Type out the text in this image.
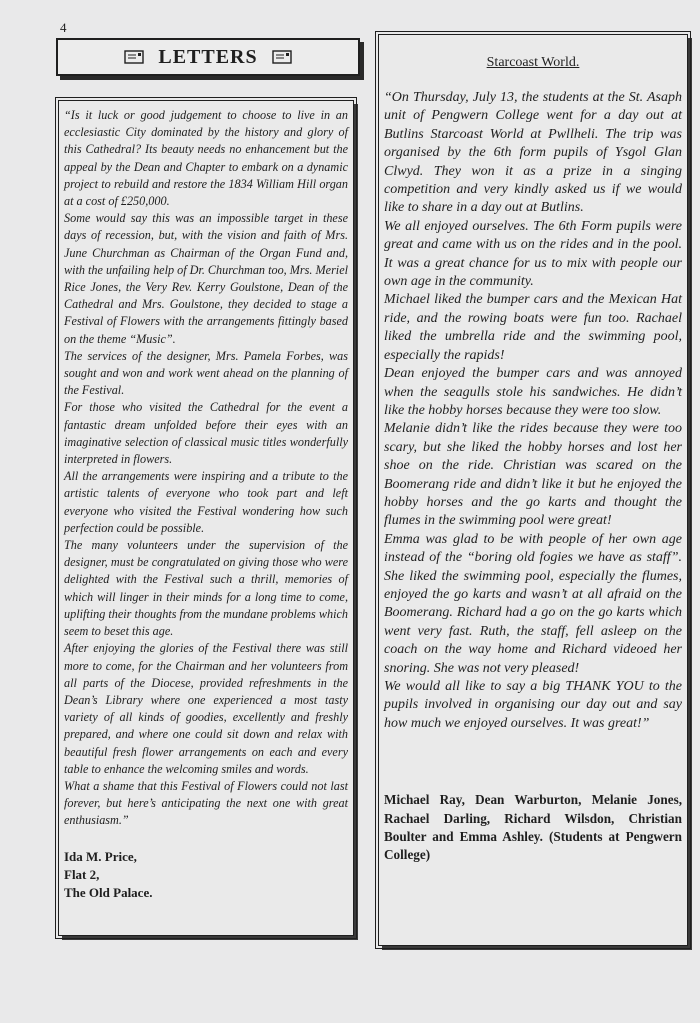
4
LETTERS

“Is it luck or good judgement to choose to live in an ecclesiastic City dominated by the history and glory of this Cathedral? Its beauty needs no enhancement but the appeal by the Dean and Chapter to embark on a dynamic project to rebuild and restore the 1834 William Hill organ at a cost of £250,000.

Some would say this was an impossible target in these days of recession, but, with the vision and faith of Mrs. June Churchman as Chairman of the Organ Fund and, with the unfailing help of Dr. Churchman too, Mrs. Meriel Rice Jones, the Very Rev. Kerry Goulstone, Dean of the Cathedral and Mrs. Goulstone, they decided to stage a Festival of Flowers with the arrangements fittingly based on the theme “Music”.

The services of the designer, Mrs. Pamela Forbes, was sought and won and work went ahead on the planning of the Festival.

For those who visited the Cathedral for the event a fantastic dream unfolded before their eyes with an imaginative selection of classical music titles wonderfully interpreted in flowers.

All the arrangements were inspiring and a tribute to the artistic talents of everyone who took part and left everyone who visited the Festival wondering how such perfection could be possible.

The many volunteers under the supervision of the designer, must be congratulated on giving those who were delighted with the Festival such a thrill, memories of which will linger in their minds for a long time to come, uplifting their thoughts from the mundane problems which seem to beset this age.

After enjoying the glories of the Festival there was still more to come, for the Chairman and her volunteers from all parts of the Diocese, provided refreshments in the Dean’s Library where one experienced a most tasty variety of all kinds of goodies, excellently and freshly prepared, and where one could sit down and relax with beautiful fresh flower arrangements on each and every table to enhance the welcoming smiles and words.

What a shame that this Festival of Flowers could not last forever, but here’s anticipating the next one with great enthusiasm.”

Ida M. Price,
Flat 2,
The Old Palace.
Starcoast World.

“On Thursday, July 13, the students at the St. Asaph unit of Pengwern College went for a day out at Butlins Starcoast World at Pwllheli. The trip was organised by the 6th form pupils of Ysgol Glan Clwyd. They won it as a prize in a singing competition and very kindly asked us if we would like to share in a day out at Butlins.

We all enjoyed ourselves. The 6th Form pupils were great and came with us on the rides and in the pool. It was a great chance for us to mix with people our own age in the community.

Michael liked the bumper cars and the Mexican Hat ride, and the rowing boats were fun too. Rachael liked the umbrella ride and the swimming pool, especially the rapids!

Dean enjoyed the bumper cars and was annoyed when the seagulls stole his sandwiches. He didn’t like the hobby horses because they were too slow.

Melanie didn’t like the rides because they were too scary, but she liked the hobby horses and lost her shoe on the ride. Christian was scared on the Boomerang ride and didn’t like it but he enjoyed the hobby horses and the go karts and thought the flumes in the swimming pool were great!

Emma was glad to be with people of her own age instead of the “boring old fogies we have as staff”. She liked the swimming pool, especially the flumes, enjoyed the go karts and wasn’t at all afraid on the Boomerang. Richard had a go on the go karts which went very fast. Ruth, the staff, fell asleep on the coach on the way home and Richard videoed her snoring. She was not very pleased!

We would all like to say a big THANK YOU to the pupils involved in organising our day out and say how much we enjoyed ourselves. It was great!”

Michael Ray, Dean Warburton, Melanie Jones, Rachael Darling, Richard Wilsdon, Christian Boulter and Emma Ashley. (Students at Pengwern College)
